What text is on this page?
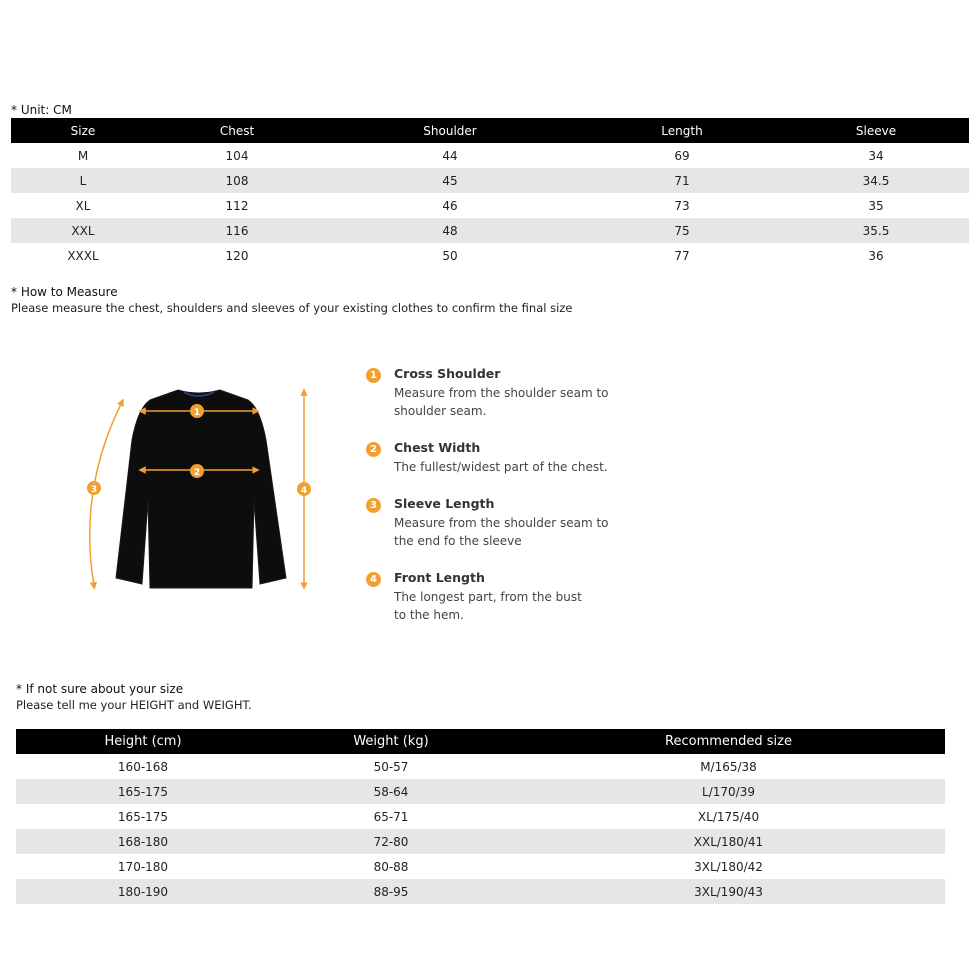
* Unit: CM
Size	Chest	Shoulder	Length	Sleeve
M	104	44	69	34
L	108	45	71	34.5
XL	112	46	73	35
XXL	116	48	75	35.5
XXXL	120	50	77	36
* How to Measure
Please measure the chest, shoulders and sleeves of your existing clothes to confirm the final size
1
2
3	4
1	Cross Shoulder
Measure from the shoulder seam to shoulder seam.
2	Chest Width
The fullest/widest part of the chest.
3	Sleeve Length
Measure from the shoulder seam to the end fo the sleeve
4	Front Length
The longest part, from the bust to the hem.
* If not sure about your size
Please tell me your HEIGHT and WEIGHT.
Height (cm)	Weight (kg)	Recommended size
160-168	50-57	M/165/38
165-175	58-64	L/170/39
165-175	65-71	XL/175/40
168-180	72-80	XXL/180/41
170-180	80-88	3XL/180/42
180-190	88-95	3XL/190/43
